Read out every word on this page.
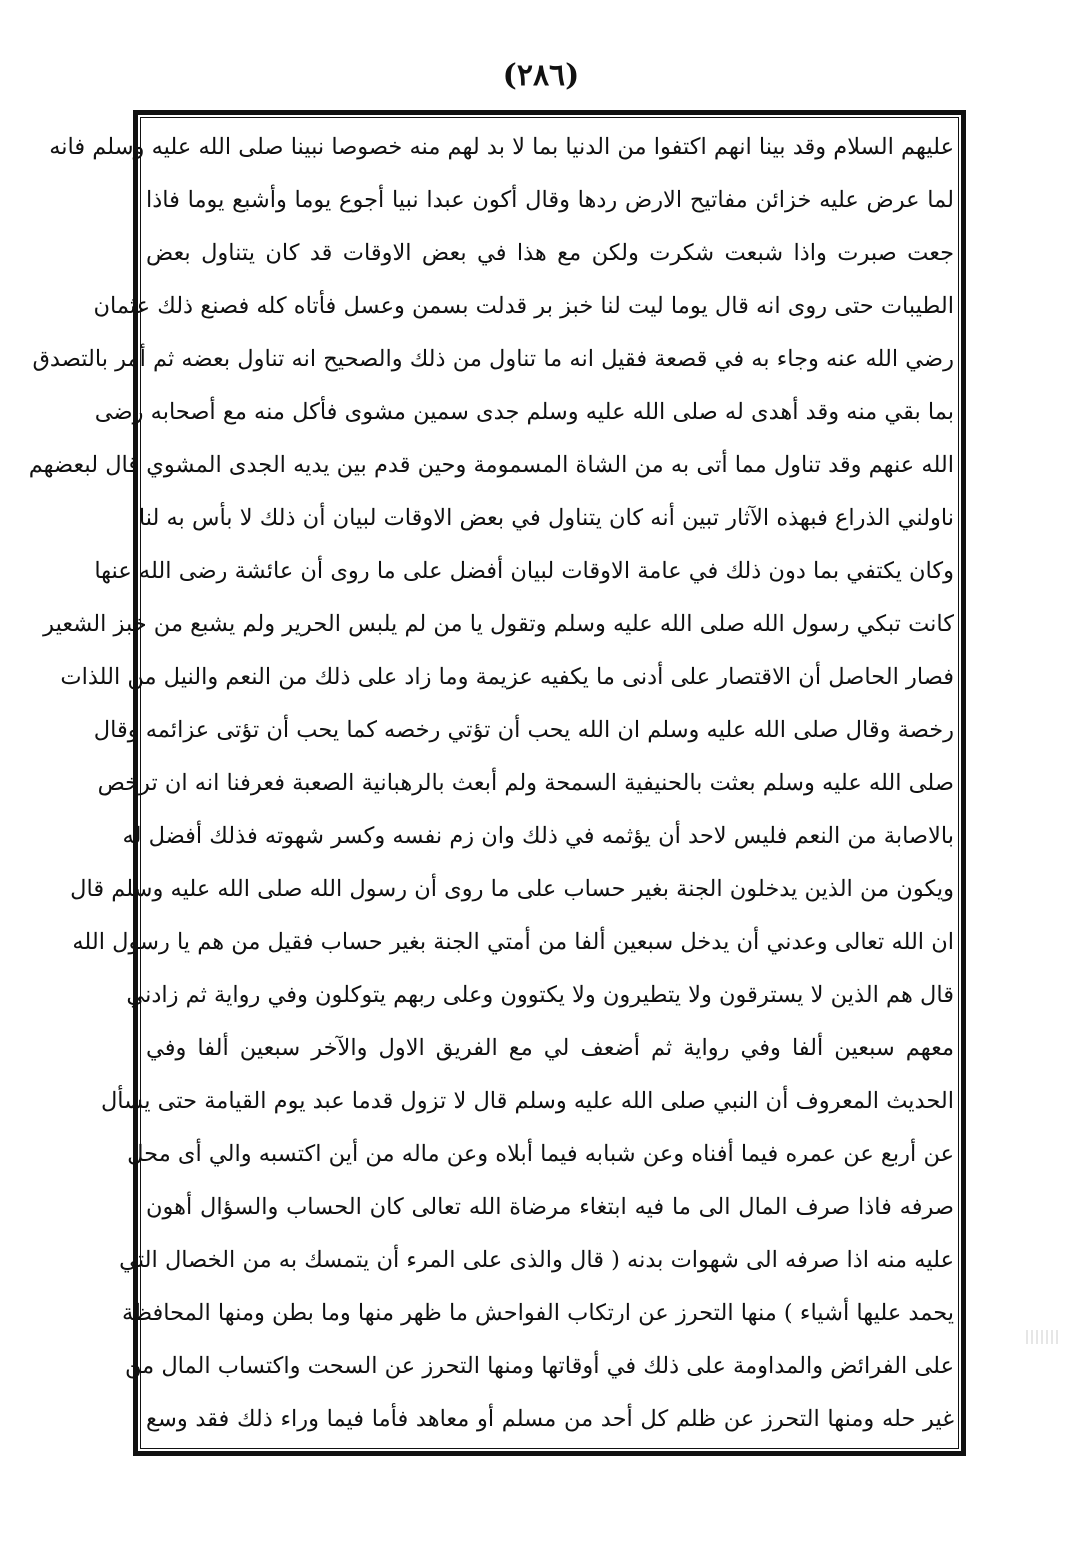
(٢٨٦)
عليهم السلام وقد بينا انهم اكتفوا من الدنيا بما لا بد لهم منه خصوصا نبينا صلى الله عليه وسلم فانه
لما عرض عليه خزائن مفاتيح الارض ردها وقال أكون عبدا نبيا أجوع يوما وأشبع يوما فاذا
جعت صبرت واذا شبعت شكرت ولكن مع هذا في بعض الاوقات قد كان يتناول بعض
الطيبات حتى روى انه قال يوما ليت لنا خبز بر قدلت بسمن وعسل فأتاه كله فصنع ذلك عثمان
رضي الله عنه وجاء به في قصعة فقيل انه ما تناول من ذلك والصحيح انه تناول بعضه ثم أمر بالتصدق
بما بقي منه وقد أهدى له صلى الله عليه وسلم جدى سمين مشوى فأكل منه مع أصحابه رضى
الله عنهم وقد تناول مما أتى به من الشاة المسمومة وحين قدم بين يديه الجدى المشوي قال لبعضهم
ناولني الذراع فبهذه الآثار تبين أنه كان يتناول في بعض الاوقات لبيان أن ذلك لا بأس به لنا
وكان يكتفي بما دون ذلك في عامة الاوقات لبيان أفضل على ما روى أن عائشة رضى الله عنها
كانت تبكي رسول الله صلى الله عليه وسلم وتقول يا من لم يلبس الحرير ولم يشبع من خبز الشعير
فصار الحاصل أن الاقتصار على أدنى ما يكفيه عزيمة وما زاد على ذلك من النعم والنيل من اللذات
رخصة وقال صلى الله عليه وسلم ان الله يحب أن تؤتي رخصه كما يحب أن تؤتى عزائمه وقال
صلى الله عليه وسلم بعثت بالحنيفية السمحة ولم أبعث بالرهبانية الصعبة فعرفنا انه ان ترخص
بالاصابة من النعم فليس لاحد أن يؤثمه في ذلك وان زم نفسه وكسر شهوته فذلك أفضل له
ويكون من الذين يدخلون الجنة بغير حساب على ما روى أن رسول الله صلى الله عليه وسلم قال
ان الله تعالى وعدني أن يدخل سبعين ألفا من أمتي الجنة بغير حساب فقيل من هم يا رسول الله
قال هم الذين لا يسترقون ولا يتطيرون ولا يكتوون وعلى ربهم يتوكلون وفي رواية ثم زادني
معهم سبعين ألفا وفي رواية ثم أضعف لي مع الفريق الاول والآخر سبعين ألفا وفي
الحديث المعروف أن النبي صلى الله عليه وسلم قال لا تزول قدما عبد يوم القيامة حتى يسأل
عن أربع عن عمره فيما أفناه وعن شبابه فيما أبلاه وعن ماله من أين اكتسبه والي أى محل
صرفه فاذا صرف المال الى ما فيه ابتغاء مرضاة الله تعالى كان الحساب والسؤال أهون
عليه منه اذا صرفه الى شهوات بدنه ( قال والذى على المرء أن يتمسك به من الخصال التي
يحمد عليها أشياء ) منها التحرز عن ارتكاب الفواحش ما ظهر منها وما بطن ومنها المحافظة
على الفرائض والمداومة على ذلك في أوقاتها ومنها التحرز عن السحت واكتساب المال من
غير حله ومنها التحرز عن ظلم كل أحد من مسلم أو معاهد فأما فيما وراء ذلك فقد وسع
